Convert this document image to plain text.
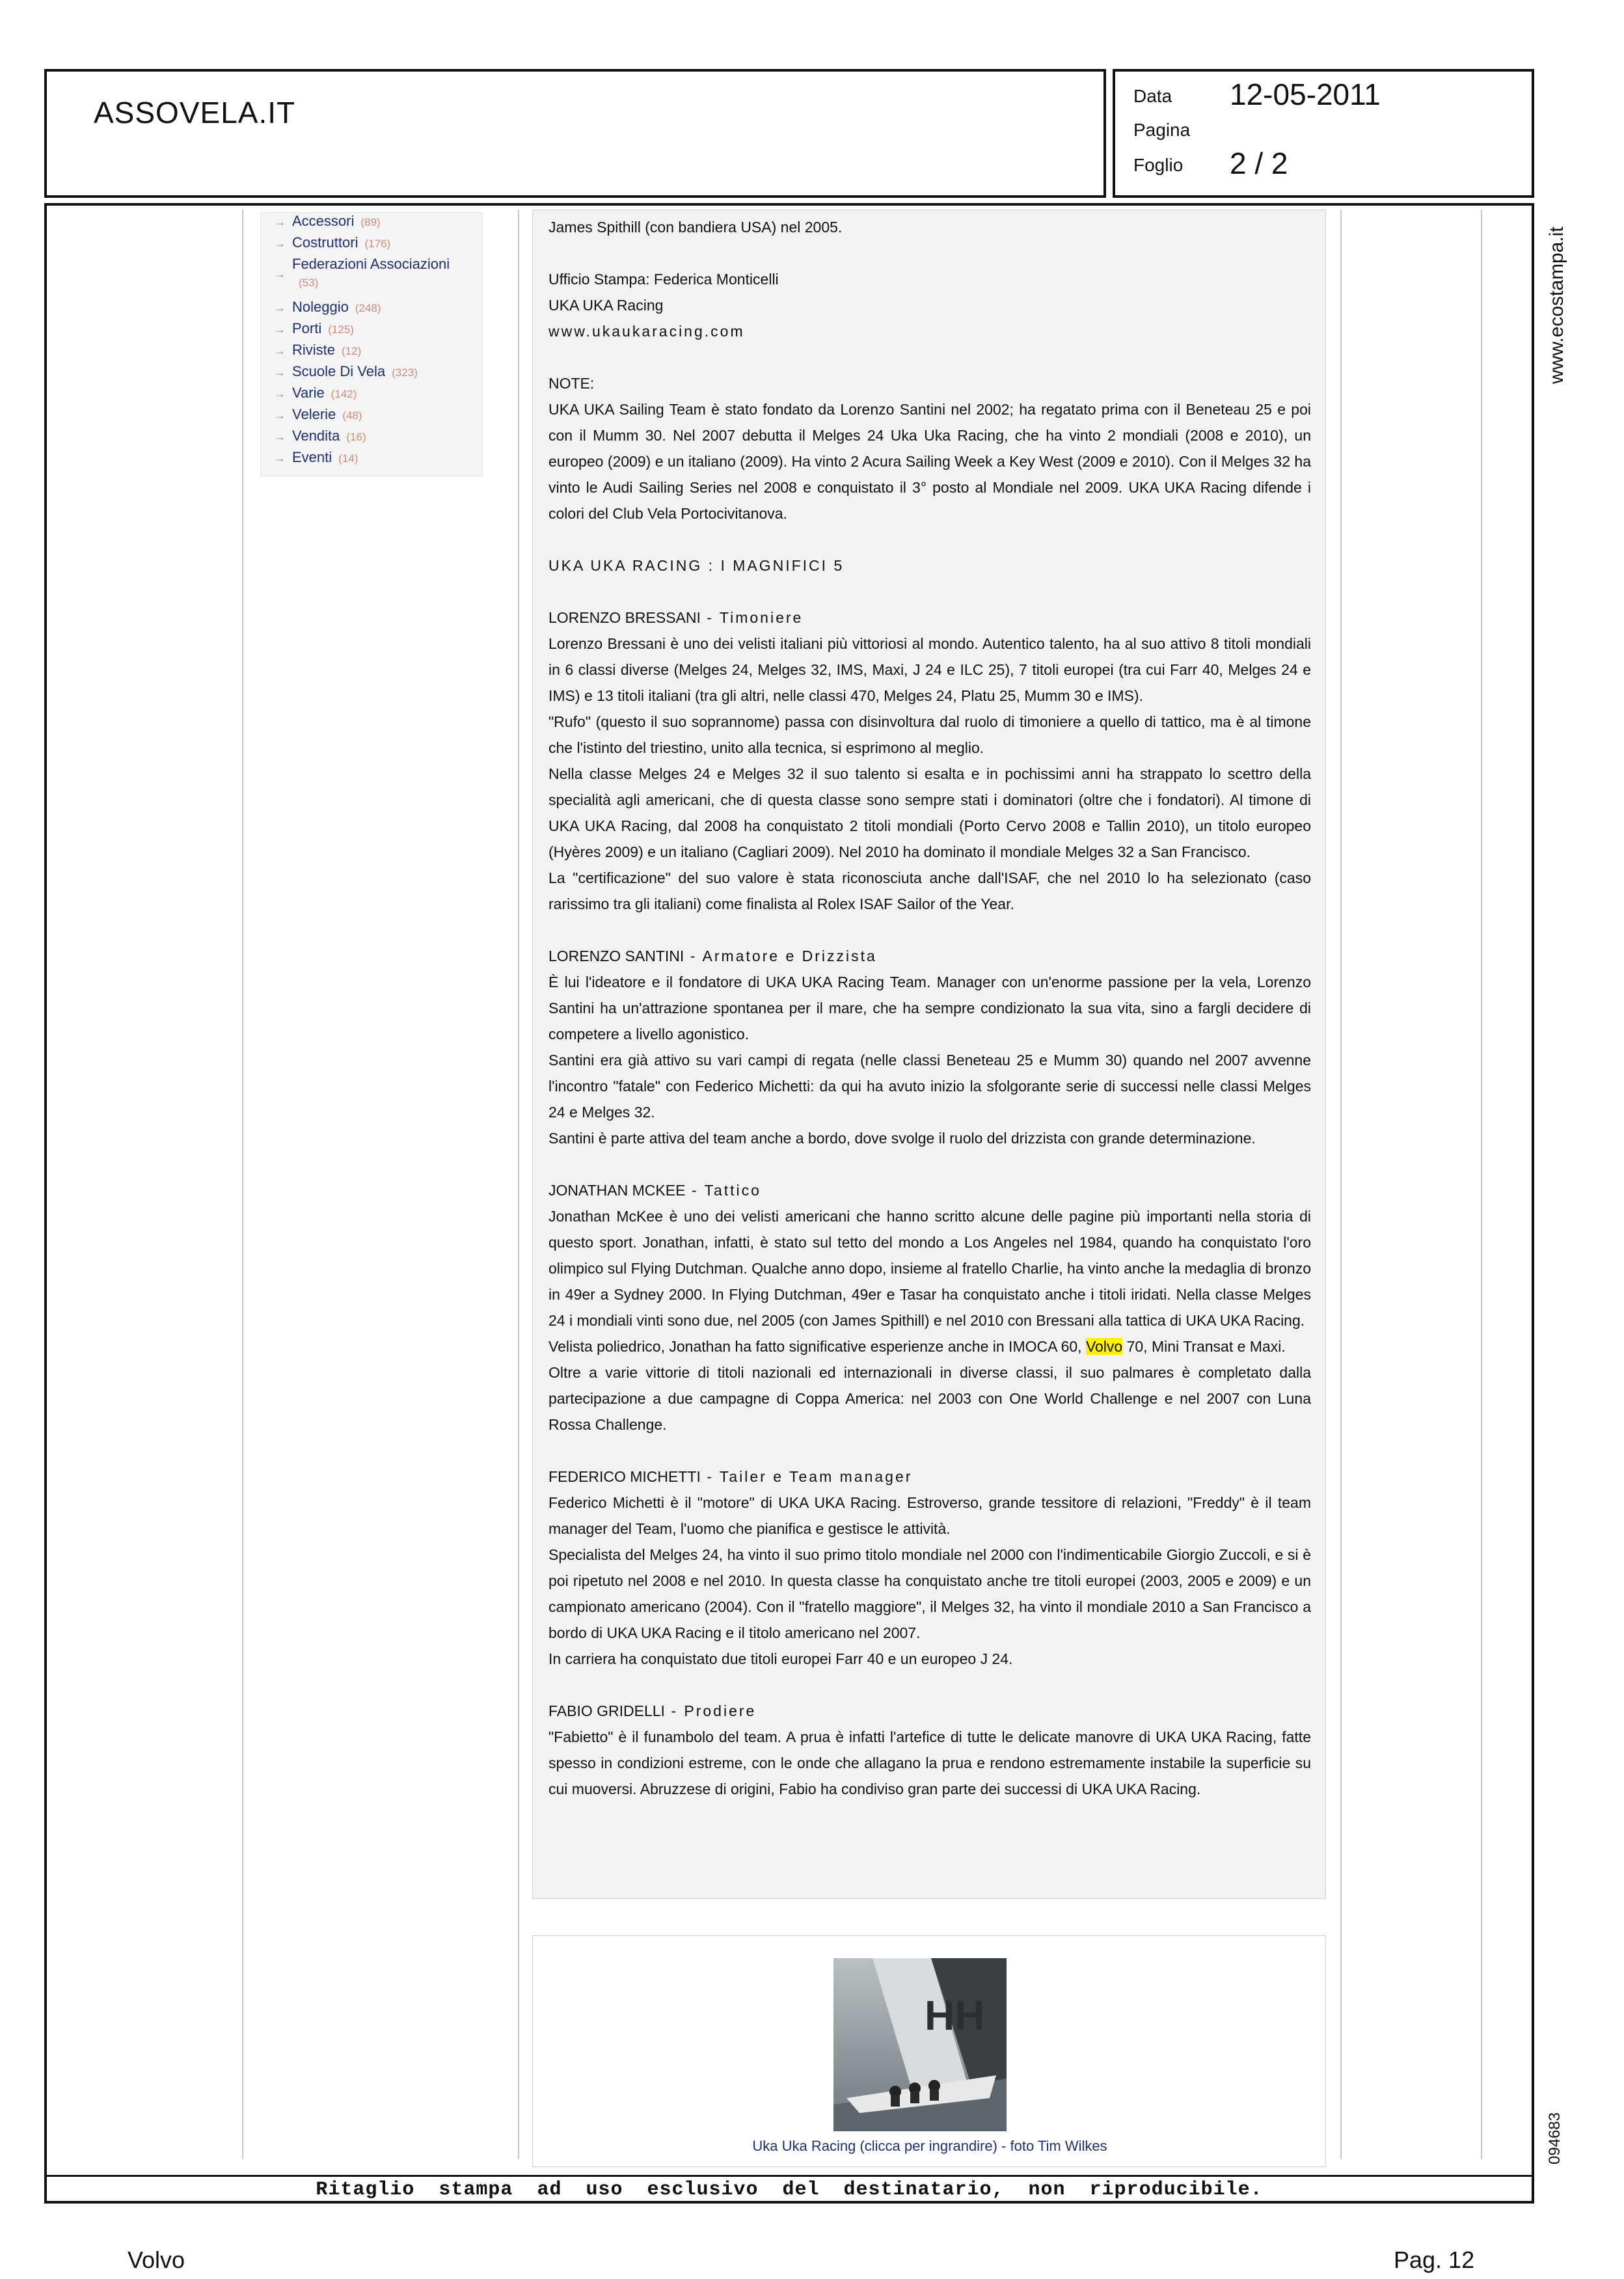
ASSOVELA.IT	Data 12-05-2011
Pagina
Foglio 2 / 2
→ Accessori (89)
→ Costruttori (176)
$_\to$Federazioni Associazioni
(53)
→ Noleggio (248)
→ Porti (125)
→ Riviste (12)
→ Scuole Di Vela (323)
→ Varie (142)
→ Velerie (48)
→ Vendita (16)
→ Eventi (14)

James Spithill (con bandiera USA) nel 2005.

Ufficio Stampa: Federica Monticelli

UKA UKA Racing

www.ukaukaracing.com

NOTE:

UKA UKA Sailing Team è stato fondato da Lorenzo Santini nel 2002; ha regatato prima con il Beneteau 25 e poi con il Mumm 30. Nel 2007 debutta il Melges 24 Uka Uka Racing, che ha vinto 2 mondiali (2008 e 2010), un europeo (2009) e un italiano (2009). Ha vinto 2 Acura Sailing Week a Key West (2009 e 2010). Con il Melges 32 ha vinto le Audi Sailing Series nel 2008 e conquistato il 3° posto al Mondiale nel 2009. UKA UKA Racing difende i colori del Club Vela Portocivitanova.

UKA UKA RACING : I MAGNIFICI 5

LORENZO BRESSANI - Timoniere

Lorenzo Bressani è uno dei velisti italiani più vittoriosi al mondo. Autentico talento, ha al suo attivo 8 titoli mondiali in 6 classi diverse (Melges 24, Melges 32, IMS, Maxi, J 24 e ILC 25), 7 titoli europei (tra cui Farr 40, Melges 24 e IMS) e 13 titoli italiani (tra gli altri, nelle classi 470, Melges 24, Platu 25, Mumm 30 e IMS).

"Rufo" (questo il suo soprannome) passa con disinvoltura dal ruolo di timoniere a quello di tattico, ma è al timone che l'istinto del triestino, unito alla tecnica, si esprimono al meglio.

Nella classe Melges 24 e Melges 32 il suo talento si esalta e in pochissimi anni ha strappato lo scettro della specialità agli americani, che di questa classe sono sempre stati i dominatori (oltre che i fondatori). Al timone di UKA UKA Racing, dal 2008 ha conquistato 2 titoli mondiali (Porto Cervo 2008 e Tallin 2010), un titolo europeo (Hyères 2009) e un italiano (Cagliari 2009). Nel 2010 ha dominato il mondiale Melges 32 a San Francisco.

La "certificazione" del suo valore è stata riconosciuta anche dall'ISAF, che nel 2010 lo ha selezionato (caso rarissimo tra gli italiani) come finalista al Rolex ISAF Sailor of the Year.

LORENZO SANTINI - Armatore e Drizzista

È lui l'ideatore e il fondatore di UKA UKA Racing Team. Manager con un'enorme passione per la vela, Lorenzo Santini ha un'attrazione spontanea per il mare, che ha sempre condizionato la sua vita, sino a fargli decidere di competere a livello agonistico.

Santini era già attivo su vari campi di regata (nelle classi Beneteau 25 e Mumm 30) quando nel 2007 avvenne l'incontro "fatale" con Federico Michetti: da qui ha avuto inizio la sfolgorante serie di successi nelle classi Melges 24 e Melges 32.

Santini è parte attiva del team anche a bordo, dove svolge il ruolo del drizzista con grande determinazione.

JONATHAN MCKEE - Tattico

Jonathan McKee è uno dei velisti americani che hanno scritto alcune delle pagine più importanti nella storia di questo sport. Jonathan, infatti, è stato sul tetto del mondo a Los Angeles nel 1984, quando ha conquistato l'oro olimpico sul Flying Dutchman. Qualche anno dopo, insieme al fratello Charlie, ha vinto anche la medaglia di bronzo in 49er a Sydney 2000. In Flying Dutchman, 49er e Tasar ha conquistato anche i titoli iridati. Nella classe Melges 24 i mondiali vinti sono due, nel 2005 (con James Spithill) e nel 2010 con Bressani alla tattica di UKA UKA Racing.

Velista poliedrico, Jonathan ha fatto significative esperienze anche in IMOCA 60, Volvo 70, Mini Transat e Maxi.

Oltre a varie vittorie di titoli nazionali ed internazionali in diverse classi, il suo palmares è completato dalla partecipazione a due campagne di Coppa America: nel 2003 con One World Challenge e nel 2007 con Luna Rossa Challenge.

FEDERICO MICHETTI - Tailer e Team manager

Federico Michetti è il "motore" di UKA UKA Racing. Estroverso, grande tessitore di relazioni, "Freddy" è il team manager del Team, l'uomo che pianifica e gestisce le attività.

Specialista del Melges 24, ha vinto il suo primo titolo mondiale nel 2000 con l'indimenticabile Giorgio Zuccoli, e si è poi ripetuto nel 2008 e nel 2010. In questa classe ha conquistato anche tre titoli europei (2003, 2005 e 2009) e un campionato americano (2004). Con il "fratello maggiore", il Melges 32, ha vinto il mondiale 2010 a San Francisco a bordo di UKA UKA Racing e il titolo americano nel 2007.

In carriera ha conquistato due titoli europei Farr 40 e un europeo J 24.

FABIO GRIDELLI - Prodiere

"Fabietto" è il funambolo del team. A prua è infatti l'artefice di tutte le delicate manovre di UKA UKA Racing, fatte spesso in condizioni estreme, con le onde che allagano la prua e rendono estremamente instabile la superficie su cui muoversi. Abruzzese di origini, Fabio ha condiviso gran parte dei successi di UKA UKA Racing.

HH
Uka Uka Racing (clicca per ingrandire) - foto Tim Wilkes
www.ecostampa.it
094683
Ritaglio stampa ad uso esclusivo del destinatario, non riproducibile.
Volvo	Pag. 12
